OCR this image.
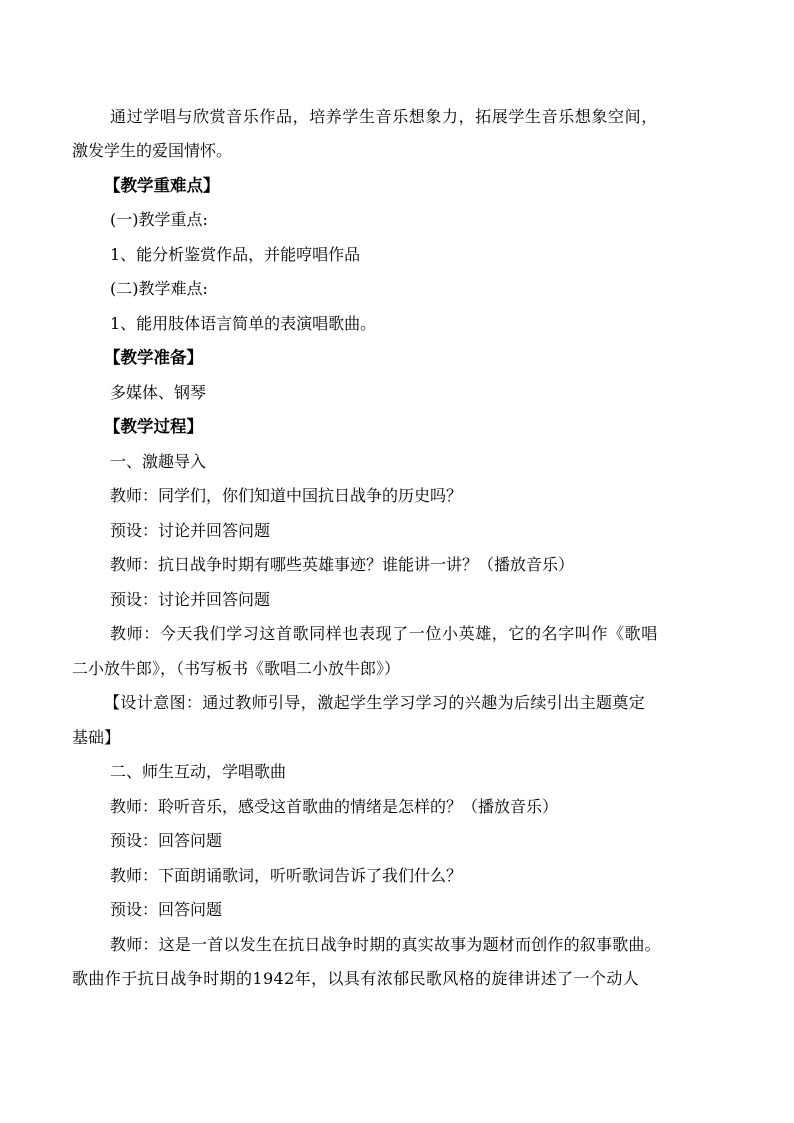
通过学唱与欣赏音乐作品，培养学生音乐想象力，拓展学生音乐想象空间，
激发学生的爱国情怀。
【教学重难点】
(一)教学重点:
1、能分析鉴赏作品，并能哼唱作品
(二)教学难点:
1、能用肢体语言简单的表演唱歌曲。
【教学准备】
多媒体、钢琴
【教学过程】
一、激趣导入
教师：同学们，你们知道中国抗日战争的历史吗？
预设：讨论并回答问题
教师：抗日战争时期有哪些英雄事迹？谁能讲一讲？（播放音乐）
预设：讨论并回答问题
教师：今天我们学习这首歌同样也表现了一位小英雄，它的名字叫作《歌唱
二小放牛郎》，（书写板书《歌唱二小放牛郎》）
【设计意图：通过教师引导，激起学生学习学习的兴趣为后续引出主题奠定
基础】
二、师生互动，学唱歌曲
教师：聆听音乐，感受这首歌曲的情绪是怎样的？（播放音乐）
预设：回答问题
教师：下面朗诵歌词，听听歌词告诉了我们什么？
预设：回答问题
教师：这是一首以发生在抗日战争时期的真实故事为题材而创作的叙事歌曲。
歌曲作于抗日战争时期的1942年，以具有浓郁民歌风格的旋律讲述了一个动人
